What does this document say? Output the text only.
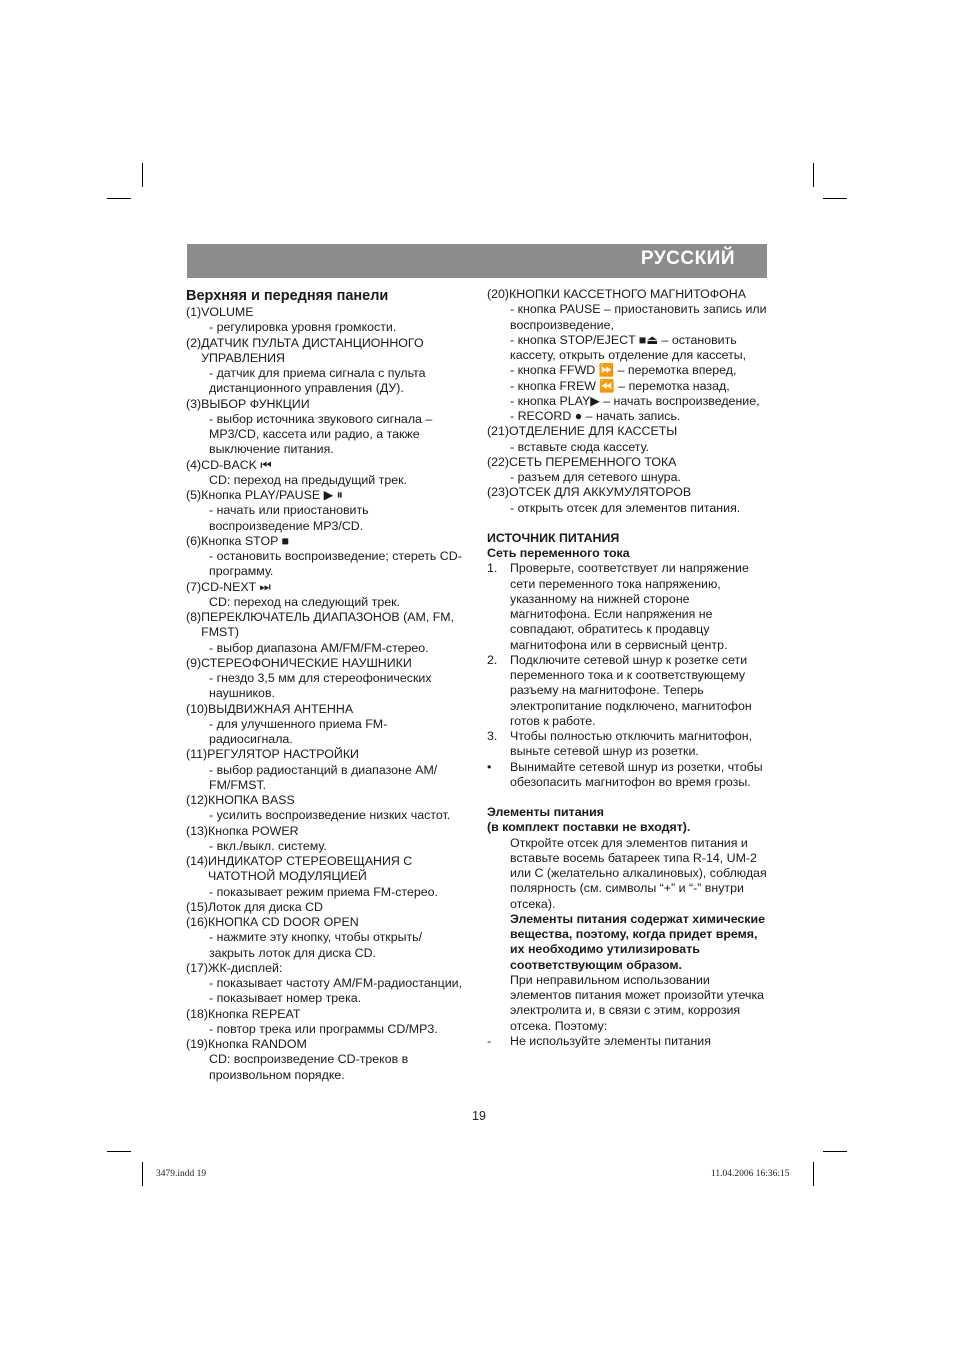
РУССКИЙ
Верхняя и передняя панели
(1) VOLUME
- регулировка уровня громкости.
(2) ДАТЧИК ПУЛЬТА ДИСТАНЦИОННОГО УПРАВЛЕНИЯ
- датчик для приема сигнала с пульта дистанционного управления (ДУ).
(3) ВЫБОР ФУНКЦИИ
- выбор источника звукового сигнала – MP3/CD, кассета или радио, а также выключение питания.
(4) CD-BACK ⏮
CD: переход на предыдущий трек.
(5) Кнопка PLAY/PAUSE ▶ ⏸
- начать или приостановить воспроизведение MP3/CD.
(6) Кнопка STOP ■
- остановить воспроизведение; стереть CD-программу.
(7) CD-NEXT ⏭
CD: переход на следующий трек.
(8) ПЕРЕКЛЮЧАТЕЛЬ ДИАПАЗОНОВ (AM, FM, FMST)
- выбор диапазона AM/FM/FM-стерео.
(9) СТЕРЕОФОНИЧЕСКИЕ НАУШНИКИ
- гнездо 3,5 мм для стереофонических наушников.
(10) ВЫДВИЖНАЯ АНТЕННА
- для улучшенного приема FM-радиосигнала.
(11) РЕГУЛЯТОР НАСТРОЙКИ
- выбор радиостанций в диапазоне AM/ FM/FMST.
(12) КНОПКА BASS
- усилить воспроизведение низких частот.
(13) Кнопка POWER
- вкл./выкл. систему.
(14) ИНДИКАТОР СТЕРЕОВЕЩАНИЯ С ЧАТОТНОЙ МОДУЛЯЦИЕЙ
- показывает режим приема FM-стерео.
(15) Лоток для диска CD
(16) КНОПКА CD DOOR OPEN
- нажмите эту кнопку, чтобы открыть/ закрыть лоток для диска CD.
(17) ЖК-дисплей:
- показывает частоту AM/FM-радиостанции,
- показывает номер трека.
(18) Кнопка REPEAT
- повтор трека или программы CD/MP3.
(19) Кнопка RANDOM
CD: воспроизведение CD-треков в произвольном порядке.
(20) КНОПКИ КАССЕТНОГО МАГНИТОФОНА
- кнопка PAUSE – приостановить запись или воспроизведение,
- кнопка STOP/EJECT ■⏏ – остановить кассету, открыть отделение для кассеты,
- кнопка FFWD ⏩ – перемотка вперед,
- кнопка FREW ⏪ – перемотка назад,
- кнопка PLAY▶ – начать воспроизведение,
- RECORD ● – начать запись.
(21) ОТДЕЛЕНИЕ ДЛЯ КАССЕТЫ
- вставьте сюда кассету.
(22) СЕТЬ ПЕРЕМЕННОГО ТОКА
- разъем для сетевого шнура.
(23) ОТСЕК ДЛЯ АККУМУЛЯТОРОВ
- открыть отсек для элементов питания.
ИСТОЧНИК ПИТАНИЯ
Сеть переменного тока
1.	Проверьте, соответствует ли напряжение сети переменного тока напряжению, указанному на нижней стороне магнитофона. Если напряжения не совпадают, обратитесь к продавцу магнитофона или в сервисный центр.
2.	Подключите сетевой шнур к розетке сети переменного тока и к соответствующему разъему на магнитофоне. Теперь электропитание подключено, магнитофон готов к работе.
3.	Чтобы полностью отключить магнитофон, выньте сетевой шнур из розетки.
•	Вынимайте сетевой шнур из розетки, чтобы обезопасить магнитофон во время грозы.
Элементы питания
(в комплект поставки не входят).
Откройте отсек для элементов питания и вставьте восемь батареек типа R-14, UM-2 или С (желательно алкалиновых), соблюдая полярность (см. символы “+” и “-” внутри отсека).
Элементы питания содержат химические вещества, поэтому, когда придет время, их необходимо утилизировать соответствующим образом.
При неправильном использовании элементов питания может произойти утечка электролита и, в связи с этим, коррозия отсека. Поэтому:
-	Не используйте элементы питания
19
3479.indd 19	11.04.2006 16:36:15
